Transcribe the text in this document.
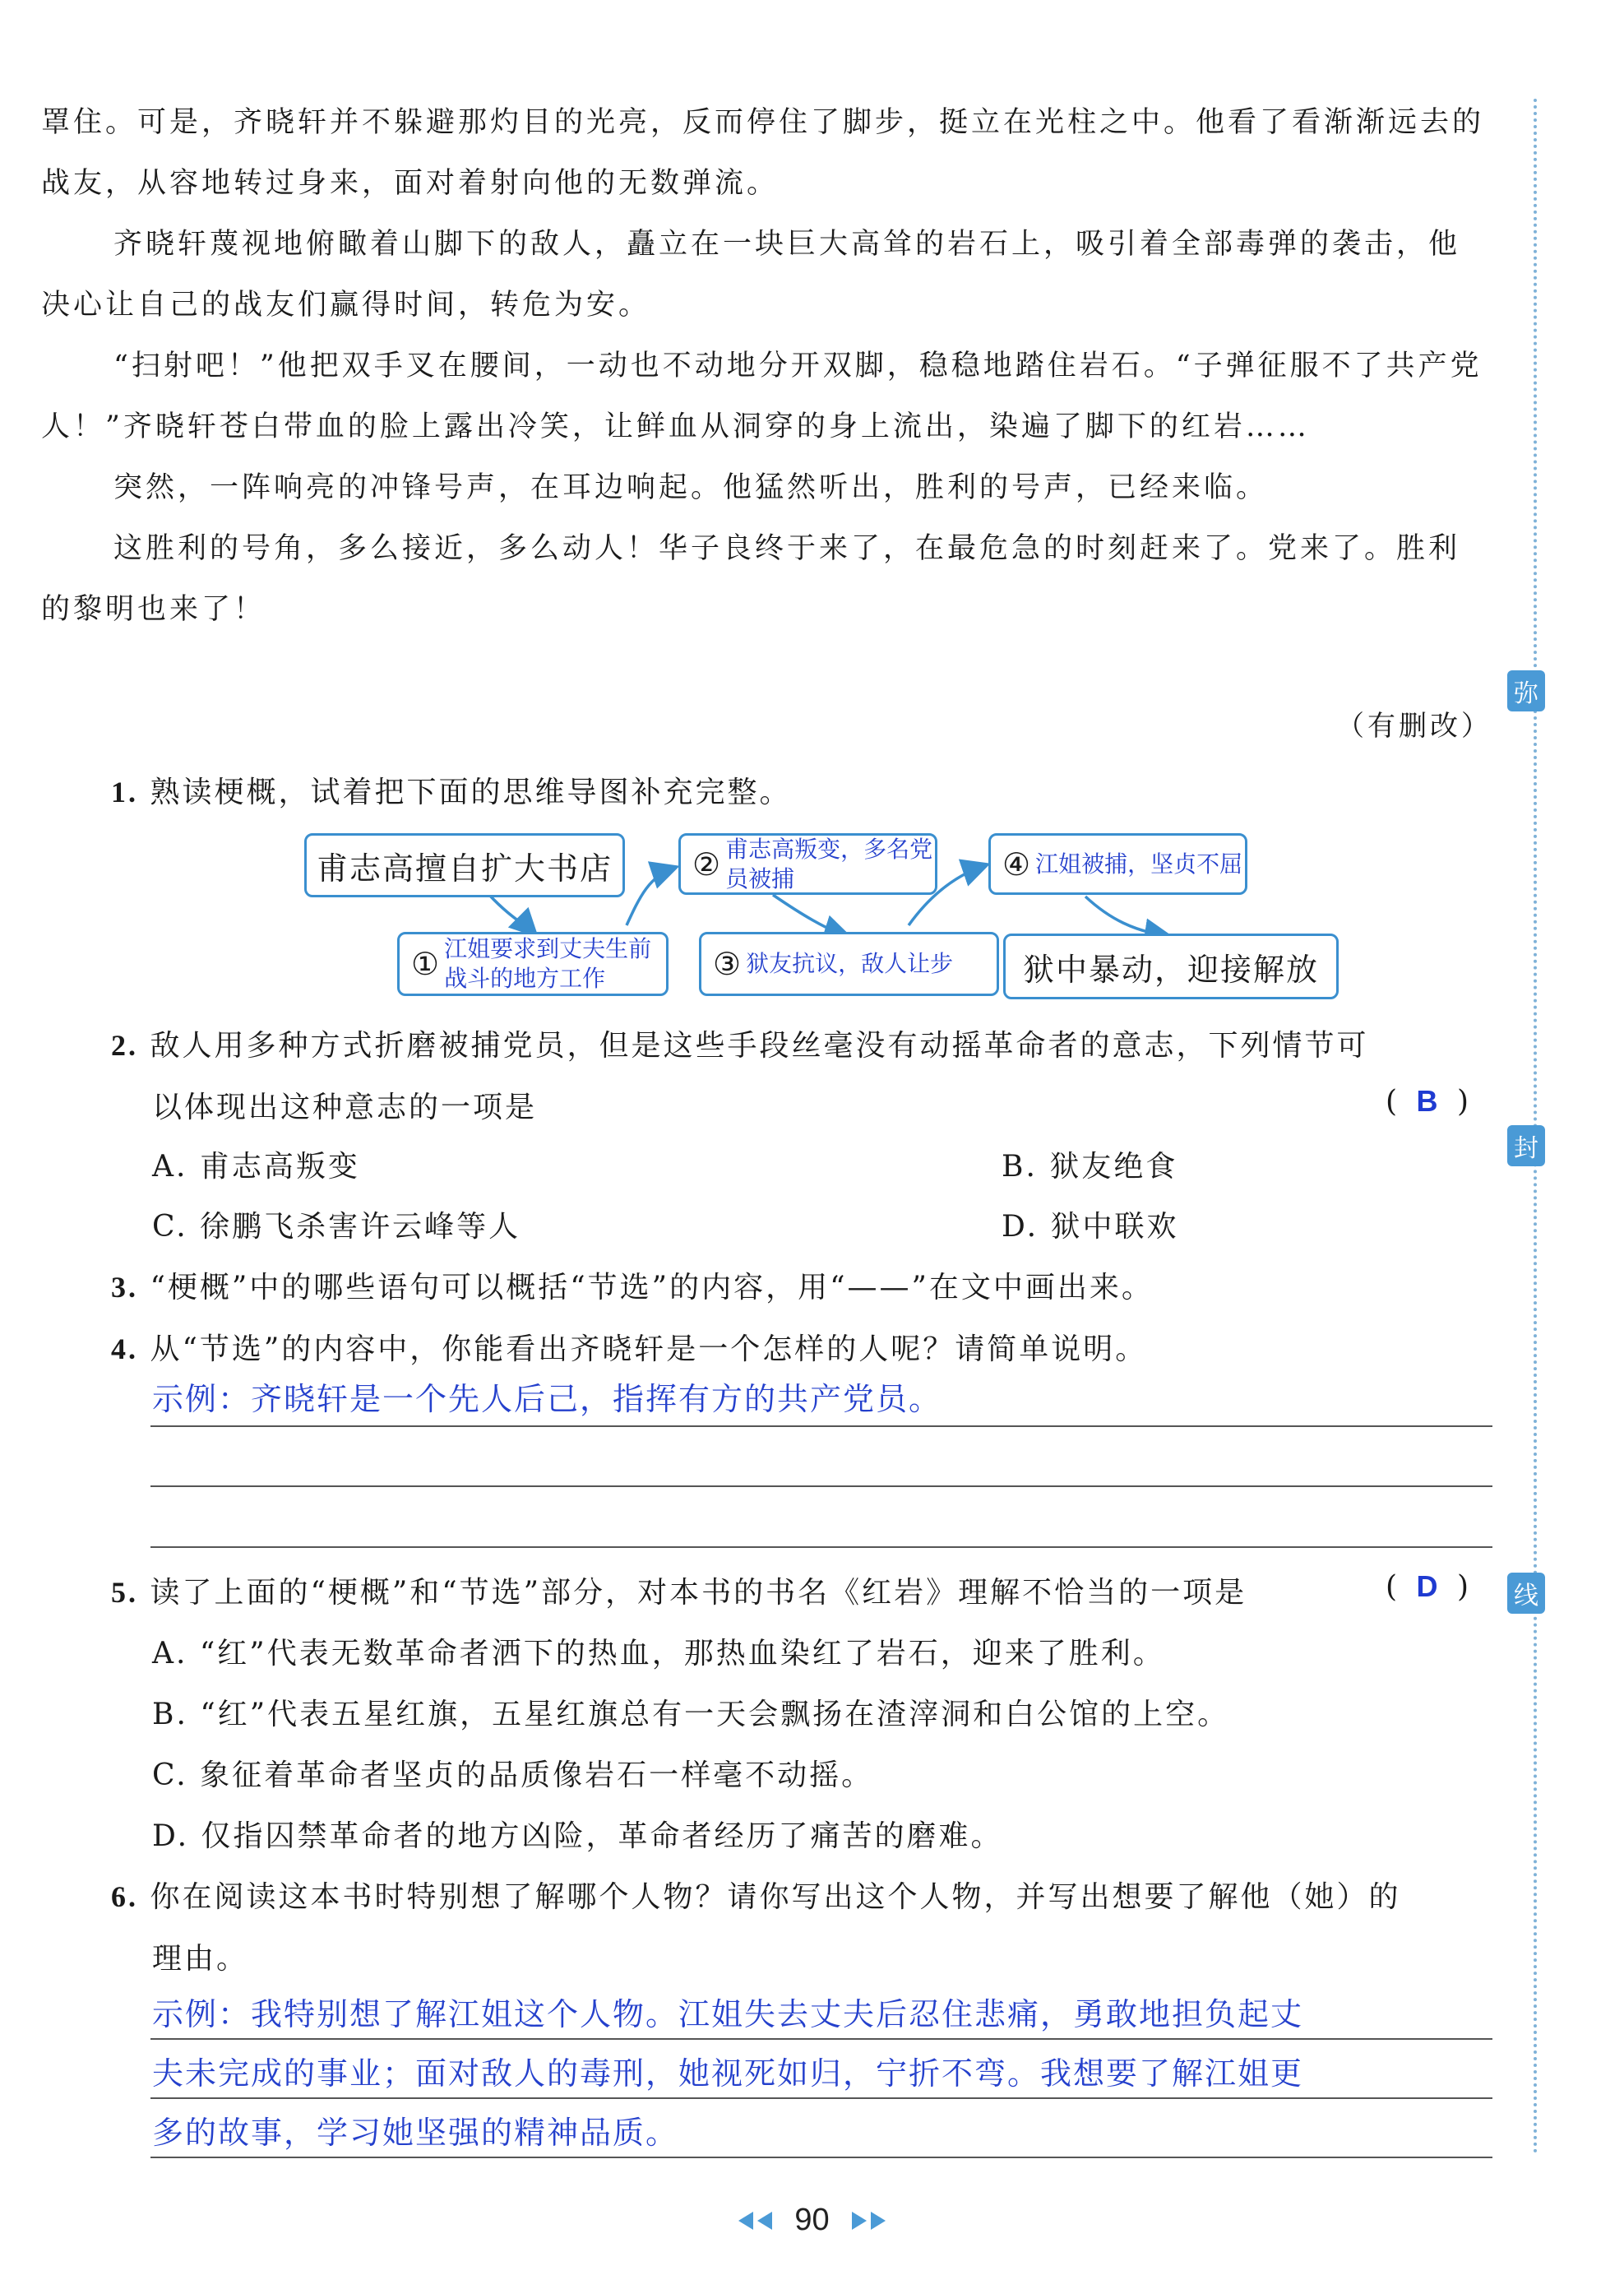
罩住。可是，齐晓轩并不躲避那灼目的光亮，反而停住了脚步，挺立在光柱之中。他看了看渐渐远去的战友，从容地转过身来，面对着射向他的无数弹流。

齐晓轩蔑视地俯瞰着山脚下的敌人，矗立在一块巨大高耸的岩石上，吸引着全部毒弹的袭击，他决心让自己的战友们赢得时间，转危为安。

“扫射吧！”他把双手叉在腰间，一动也不动地分开双脚，稳稳地踏住岩石。“子弹征服不了共产党人！”齐晓轩苍白带血的脸上露出冷笑，让鲜血从洞穿的身上流出，染遍了脚下的红岩……

突然，一阵响亮的冲锋号声，在耳边响起。他猛然听出，胜利的号声，已经来临。

这胜利的号角，多么接近，多么动人！华子良终于来了，在最危急的时刻赶来了。党来了。胜利的黎明也来了！

（有删改）
1. 熟读梗概，试着把下面的思维导图补充完整。
甫志高擅自扩大书店	② 甫志高叛变，多名党员被捕	④ 江姐被捕，坚贞不屈
① 江姐要求到丈夫生前战斗的地方工作	③ 狱友抗议，敌人让步	狱中暴动，迎接解放
2. 敌人用多种方式折磨被捕党员，但是这些手段丝毫没有动摇革命者的意志，下列情节可
以体现出这种意志的一项是	( B )
A. 甫志高叛变	B. 狱友绝食
C. 徐鹏飞杀害许云峰等人	D. 狱中联欢
3. “梗概”中的哪些语句可以概括“节选”的内容，用“——”在文中画出来。
4. 从“节选”的内容中，你能看出齐晓轩是一个怎样的人呢？请简单说明。
示例：齐晓轩是一个先人后己，指挥有方的共产党员。
5. 读了上面的“梗概”和“节选”部分，对本书的书名《红岩》理解不恰当的一项是	( D )
A. “红”代表无数革命者洒下的热血，那热血染红了岩石，迎来了胜利。
B. “红”代表五星红旗，五星红旗总有一天会飘扬在渣滓洞和白公馆的上空。
C. 象征着革命者坚贞的品质像岩石一样毫不动摇。
D. 仅指囚禁革命者的地方凶险，革命者经历了痛苦的磨难。
6. 你在阅读这本书时特别想了解哪个人物？请你写出这个人物，并写出想要了解他（她）的
理由。
示例：我特别想了解江姐这个人物。江姐失去丈夫后忍住悲痛，勇敢地担负起丈
夫未完成的事业；面对敌人的毒刑，她视死如归，宁折不弯。我想要了解江姐更
多的故事，学习她坚强的精神品质。
弥
封
线
90
